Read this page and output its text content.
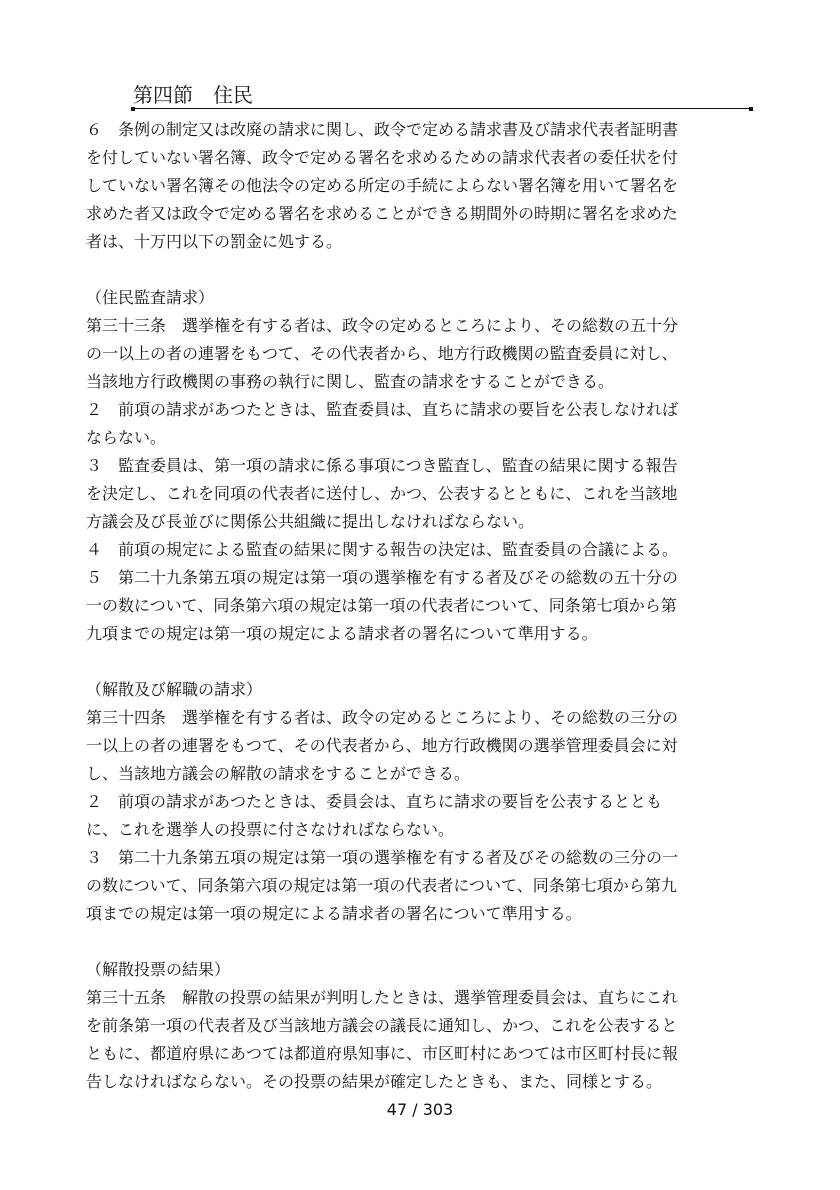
第四節　住民
６　条例の制定又は改廃の請求に関し、政令で定める請求書及び請求代表者証明書
を付していない署名簿、政令で定める署名を求めるための請求代表者の委任状を付
していない署名簿その他法令の定める所定の手続によらない署名簿を用いて署名を
求めた者又は政令で定める署名を求めることができる期間外の時期に署名を求めた
者は、十万円以下の罰金に処する。
（住民監査請求）
第三十三条　選挙権を有する者は、政令の定めるところにより、その総数の五十分
の一以上の者の連署をもつて、その代表者から、地方行政機関の監査委員に対し、
当該地方行政機関の事務の執行に関し、監査の請求をすることができる。
２　前項の請求があつたときは、監査委員は、直ちに請求の要旨を公表しなければ
ならない。
３　監査委員は、第一項の請求に係る事項につき監査し、監査の結果に関する報告
を決定し、これを同項の代表者に送付し、かつ、公表するとともに、これを当該地
方議会及び長並びに関係公共組織に提出しなければならない。
４　前項の規定による監査の結果に関する報告の決定は、監査委員の合議による。
５　第二十九条第五項の規定は第一項の選挙権を有する者及びその総数の五十分の
一の数について、同条第六項の規定は第一項の代表者について、同条第七項から第
九項までの規定は第一項の規定による請求者の署名について準用する。
（解散及び解職の請求）
第三十四条　選挙権を有する者は、政令の定めるところにより、その総数の三分の
一以上の者の連署をもつて、その代表者から、地方行政機関の選挙管理委員会に対
し、当該地方議会の解散の請求をすることができる。
２　前項の請求があつたときは、委員会は、直ちに請求の要旨を公表するととも
に、これを選挙人の投票に付さなければならない。
３　第二十九条第五項の規定は第一項の選挙権を有する者及びその総数の三分の一
の数について、同条第六項の規定は第一項の代表者について、同条第七項から第九
項までの規定は第一項の規定による請求者の署名について準用する。
（解散投票の結果）
第三十五条　解散の投票の結果が判明したときは、選挙管理委員会は、直ちにこれ
を前条第一項の代表者及び当該地方議会の議長に通知し、かつ、これを公表すると
ともに、都道府県にあつては都道府県知事に、市区町村にあつては市区町村長に報
告しなければならない。その投票の結果が確定したときも、また、同様とする。
47 / 303
